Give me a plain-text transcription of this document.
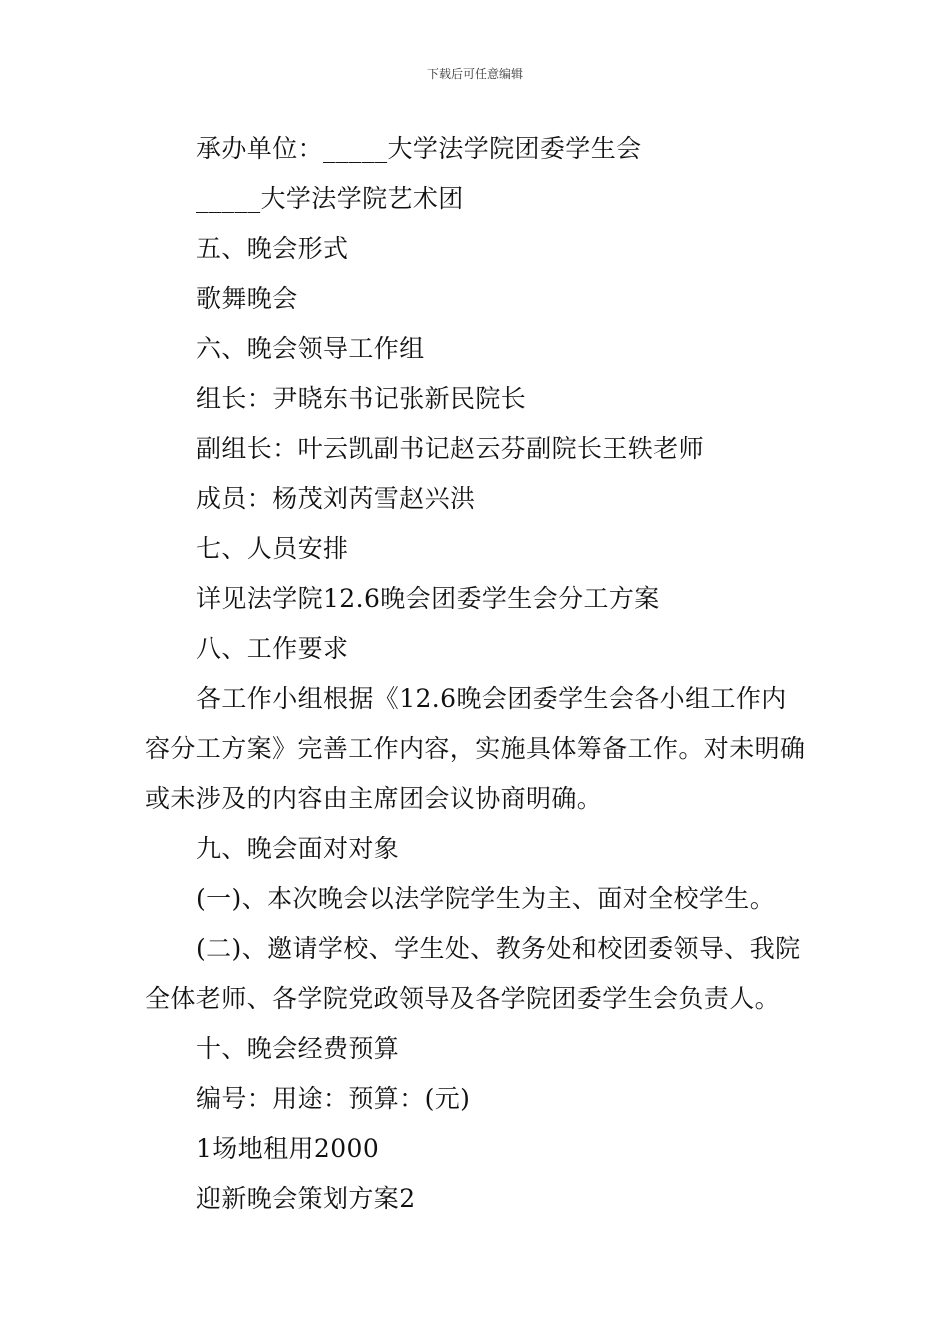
下载后可任意编辑

承办单位：_____大学法学院团委学生会

_____大学法学院艺术团

五、晚会形式

歌舞晚会

六、晚会领导工作组

组长：尹晓东书记张新民院长

副组长：叶云凯副书记赵云芬副院长王轶老师

成员：杨茂刘芮雪赵兴洪

七、人员安排

详见法学院12.6晚会团委学生会分工方案

八、工作要求

各工作小组根据《12.6晚会团委学生会各小组工作内容分工方案》完善工作内容，实施具体筹备工作。对未明确或未涉及的内容由主席团会议协商明确。

九、晚会面对对象

(一)、本次晚会以法学院学生为主、面对全校学生。

(二)、邀请学校、学生处、教务处和校团委领导、我院全体老师、各学院党政领导及各学院团委学生会负责人。

十、晚会经费预算

编号：用途：预算：(元)

1场地租用2000

迎新晚会策划方案2
